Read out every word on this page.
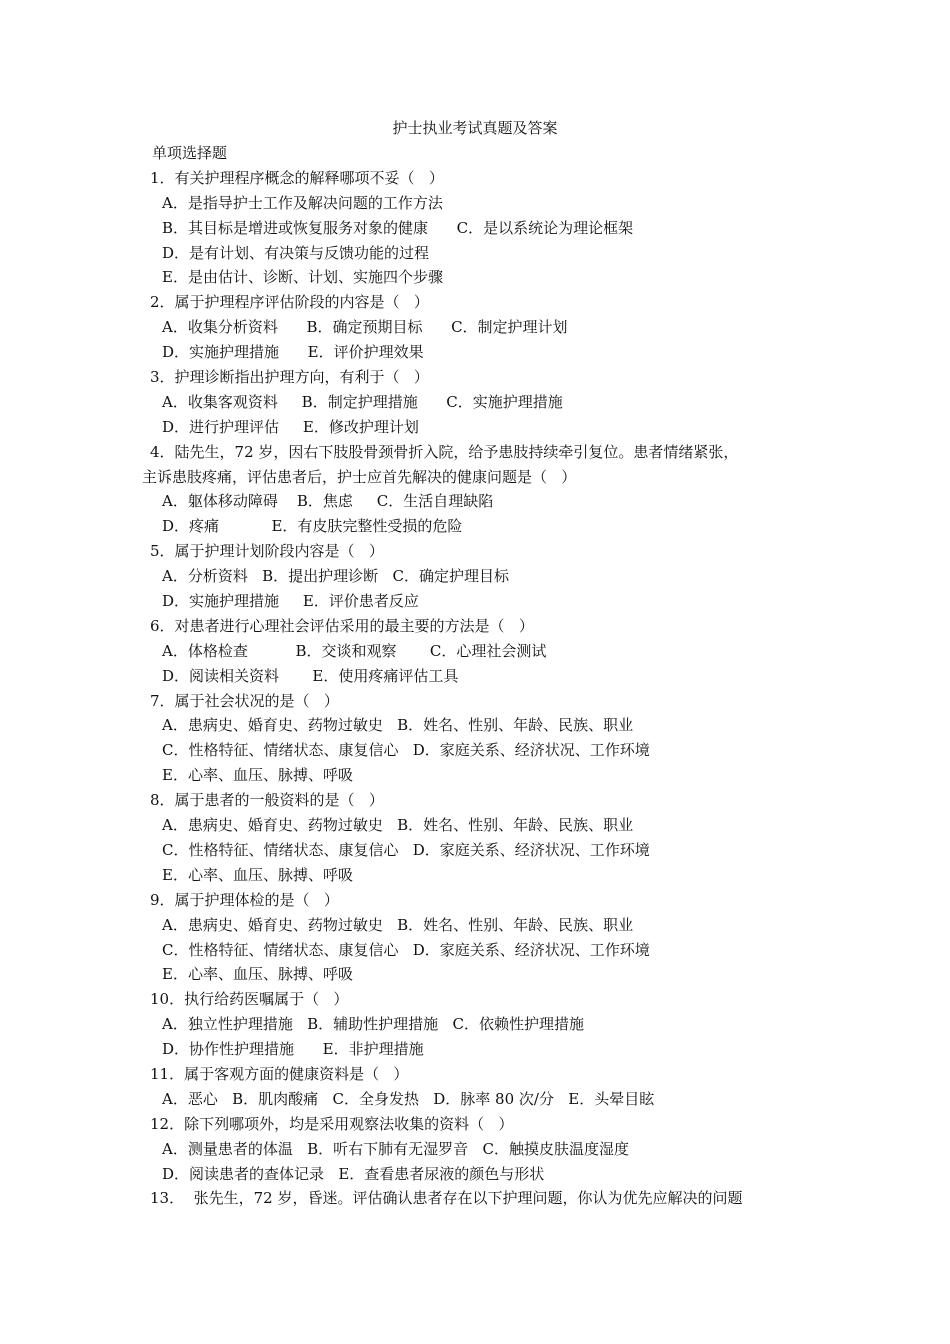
护士执业考试真题及答案
单项选择题
1．有关护理程序概念的解释哪项不妥（   ）
A．是指导护士工作及解决问题的工作方法
B．其目标是增进或恢复服务对象的健康      C．是以系统论为理论框架
D．是有计划、有决策与反馈功能的过程
E．是由估计、诊断、计划、实施四个步骤
2．属于护理程序评估阶段的内容是（   ）
A．收集分析资料      B．确定预期目标      C．制定护理计划
D．实施护理措施      E．评价护理效果
3．护理诊断指出护理方向，有利于（   ）
A．收集客观资料     B．制定护理措施      C．实施护理措施
D．进行护理评估     E．修改护理计划
4．陆先生，72 岁，因右下肢股骨颈骨折入院，给予患肢持续牵引复位。患者情绪紧张，
主诉患肢疼痛，评估患者后，护士应首先解决的健康问题是（   ）
A．躯体移动障碍    B．焦虑     C．生活自理缺陷
D．疼痛           E．有皮肤完整性受损的危险
5．属于护理计划阶段内容是（   ）
A．分析资料   B．提出护理诊断   C．确定护理目标
D．实施护理措施     E．评价患者反应
6．对患者进行心理社会评估采用的最主要的方法是（   ）
A．体格检查          B．交谈和观察       C．心理社会测试
D．阅读相关资料       E．使用疼痛评估工具
7．属于社会状况的是（   ）
A．患病史、婚育史、药物过敏史   B．姓名、性别、年龄、民族、职业
C．性格特征、情绪状态、康复信心   D．家庭关系、经济状况、工作环境
E．心率、血压、脉搏、呼吸
8．属于患者的一般资料的是（   ）
A．患病史、婚育史、药物过敏史   B．姓名、性别、年龄、民族、职业
C．性格特征、情绪状态、康复信心   D．家庭关系、经济状况、工作环境
E．心率、血压、脉搏、呼吸
9．属于护理体检的是（   ）
A．患病史、婚育史、药物过敏史   B．姓名、性别、年龄、民族、职业
C．性格特征、情绪状态、康复信心   D．家庭关系、经济状况、工作环境
E．心率、血压、脉搏、呼吸
10．执行给药医嘱属于（   ）
A．独立性护理措施   B．辅助性护理措施   C．依赖性护理措施
D．协作性护理措施      E．非护理措施
11．属于客观方面的健康资料是（   ）
A．恶心   B．肌肉酸痛   C．全身发热   D．脉率 80 次/分   E．头晕目眩
12．除下列哪项外，均是采用观察法收集的资料（   ）
A．测量患者的体温   B．听右下肺有无湿罗音   C．触摸皮肤温度湿度
D．阅读患者的查体记录   E．查看患者尿液的颜色与形状
13．  张先生，72 岁，昏迷。评估确认患者存在以下护理问题，你认为优先应解决的问题
